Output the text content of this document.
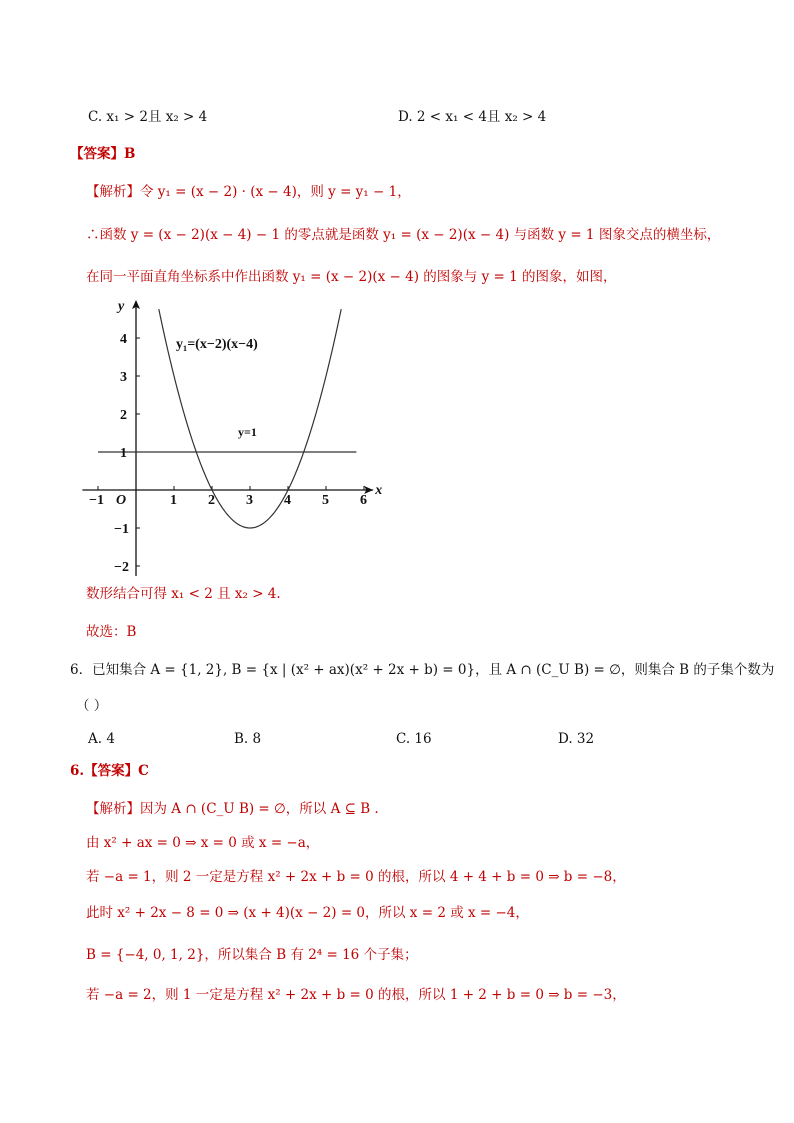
C. x₁ > 2且 x₂ > 4	D. 2 < x₁ < 4且 x₂ > 4
【答案】B
【解析】令 y₁ = (x − 2) · (x − 4)，则 y = y₁ − 1，
∴函数 y = (x − 2)(x − 4) − 1 的零点就是函数 y₁ = (x − 2)(x − 4) 与函数 y = 1 图象交点的横坐标，
在同一平面直角坐标系中作出函数 y₁ = (x − 2)(x − 4) 的图象与 y = 1 的图象，如图，
x
y
O
−1	1 2 3 4 5 6
4
3
2
1
−1
−2
y₁=(x−2)(x−4)
y=1
数形结合可得 x₁ < 2 且 x₂ > 4.
故选：B
6．已知集合 A = {1, 2}, B = {x | (x² + ax)(x² + 2x + b) = 0}，且 A ∩ (C_U B) = ∅，则集合 B 的子集个数为
（ ）
A. 4	B. 8	C. 16	D. 32
6.【答案】C
【解析】因为 A ∩ (C_U B) = ∅，所以 A ⊆ B .
由 x² + ax = 0 ⇒ x = 0 或 x = −a，
若 −a = 1，则 2 一定是方程 x² + 2x + b = 0 的根，所以 4 + 4 + b = 0 ⇒ b = −8，
此时 x² + 2x − 8 = 0 ⇒ (x + 4)(x − 2) = 0，所以 x = 2 或 x = −4，
B = {−4, 0, 1, 2}，所以集合 B 有 2⁴ = 16 个子集；
若 −a = 2，则 1 一定是方程 x² + 2x + b = 0 的根，所以 1 + 2 + b = 0 ⇒ b = −3，
